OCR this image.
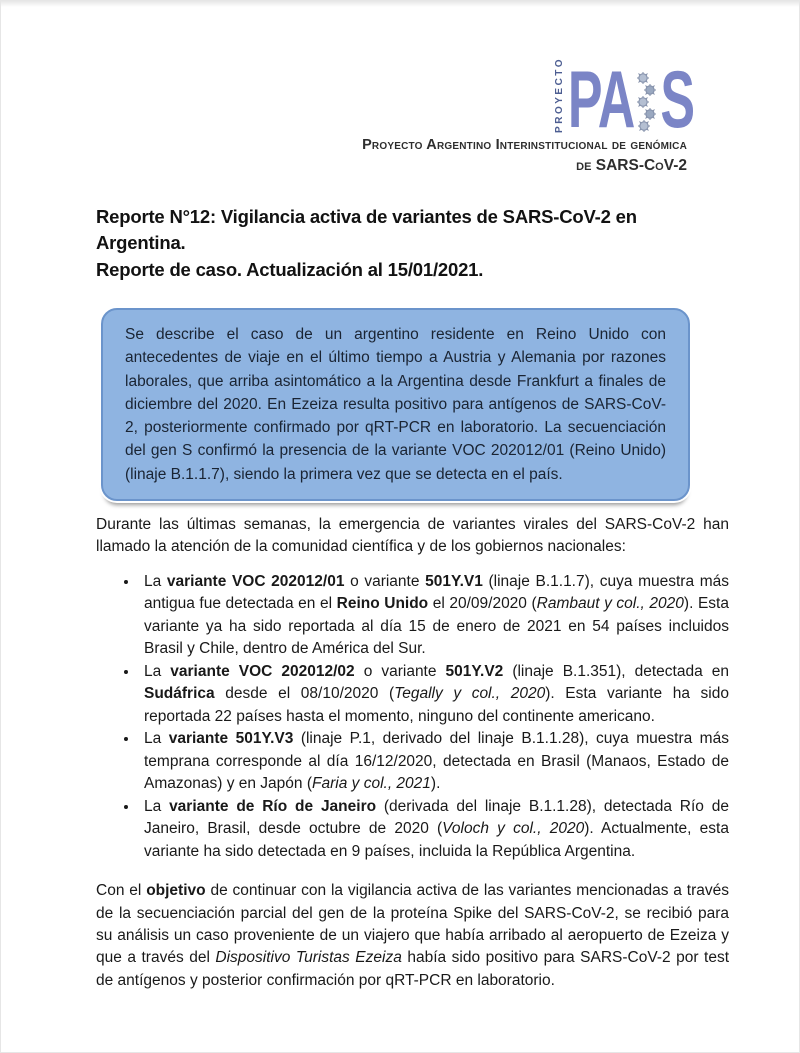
PROYECTO PA S
Proyecto Argentino Interinstitucional de genómica
de SARS-CoV-2
Reporte N°12: Vigilancia activa de variantes de SARS-CoV-2 en Argentina.
Reporte de caso. Actualización al 15/01/2021.
Se describe el caso de un argentino residente en Reino Unido con antecedentes de viaje en el último tiempo a Austria y Alemania por razones laborales, que arriba asintomático a la Argentina desde Frankfurt a finales de diciembre del 2020. En Ezeiza resulta positivo para antígenos de SARS-CoV-2, posteriormente confirmado por qRT-PCR en laboratorio. La secuenciación del gen S confirmó la presencia de la variante VOC 202012/01 (Reino Unido) (linaje B.1.1.7), siendo la primera vez que se detecta en el país.

Durante las últimas semanas, la emergencia de variantes virales del SARS-CoV-2 han llamado la atención de la comunidad científica y de los gobiernos nacionales:

• La variante VOC 202012/01 o variante 501Y.V1 (linaje B.1.1.7), cuya muestra más antigua fue detectada en el Reino Unido el 20/09/2020 (Rambaut y col., 2020). Esta variante ya ha sido reportada al día 15 de enero de 2021 en 54 países incluidos Brasil y Chile, dentro de América del Sur.
• La variante VOC 202012/02 o variante 501Y.V2 (linaje B.1.351), detectada en Sudáfrica desde el 08/10/2020 (Tegally y col., 2020). Esta variante ha sido reportada 22 países hasta el momento, ninguno del continente americano.
• La variante 501Y.V3 (linaje P.1, derivado del linaje B.1.1.28), cuya muestra más temprana corresponde al día 16/12/2020, detectada en Brasil (Manaos, Estado de Amazonas) y en Japón (Faria y col., 2021).
• La variante de Río de Janeiro (derivada del linaje B.1.1.28), detectada Río de Janeiro, Brasil, desde octubre de 2020 (Voloch y col., 2020). Actualmente, esta variante ha sido detectada en 9 países, incluida la República Argentina.

Con el objetivo de continuar con la vigilancia activa de las variantes mencionadas a través de la secuenciación parcial del gen de la proteína Spike del SARS-CoV-2, se recibió para su análisis un caso proveniente de un viajero que había arribado al aeropuerto de Ezeiza y que a través del Dispositivo Turistas Ezeiza había sido positivo para SARS-CoV-2 por test de antígenos y posterior confirmación por qRT-PCR en laboratorio.
